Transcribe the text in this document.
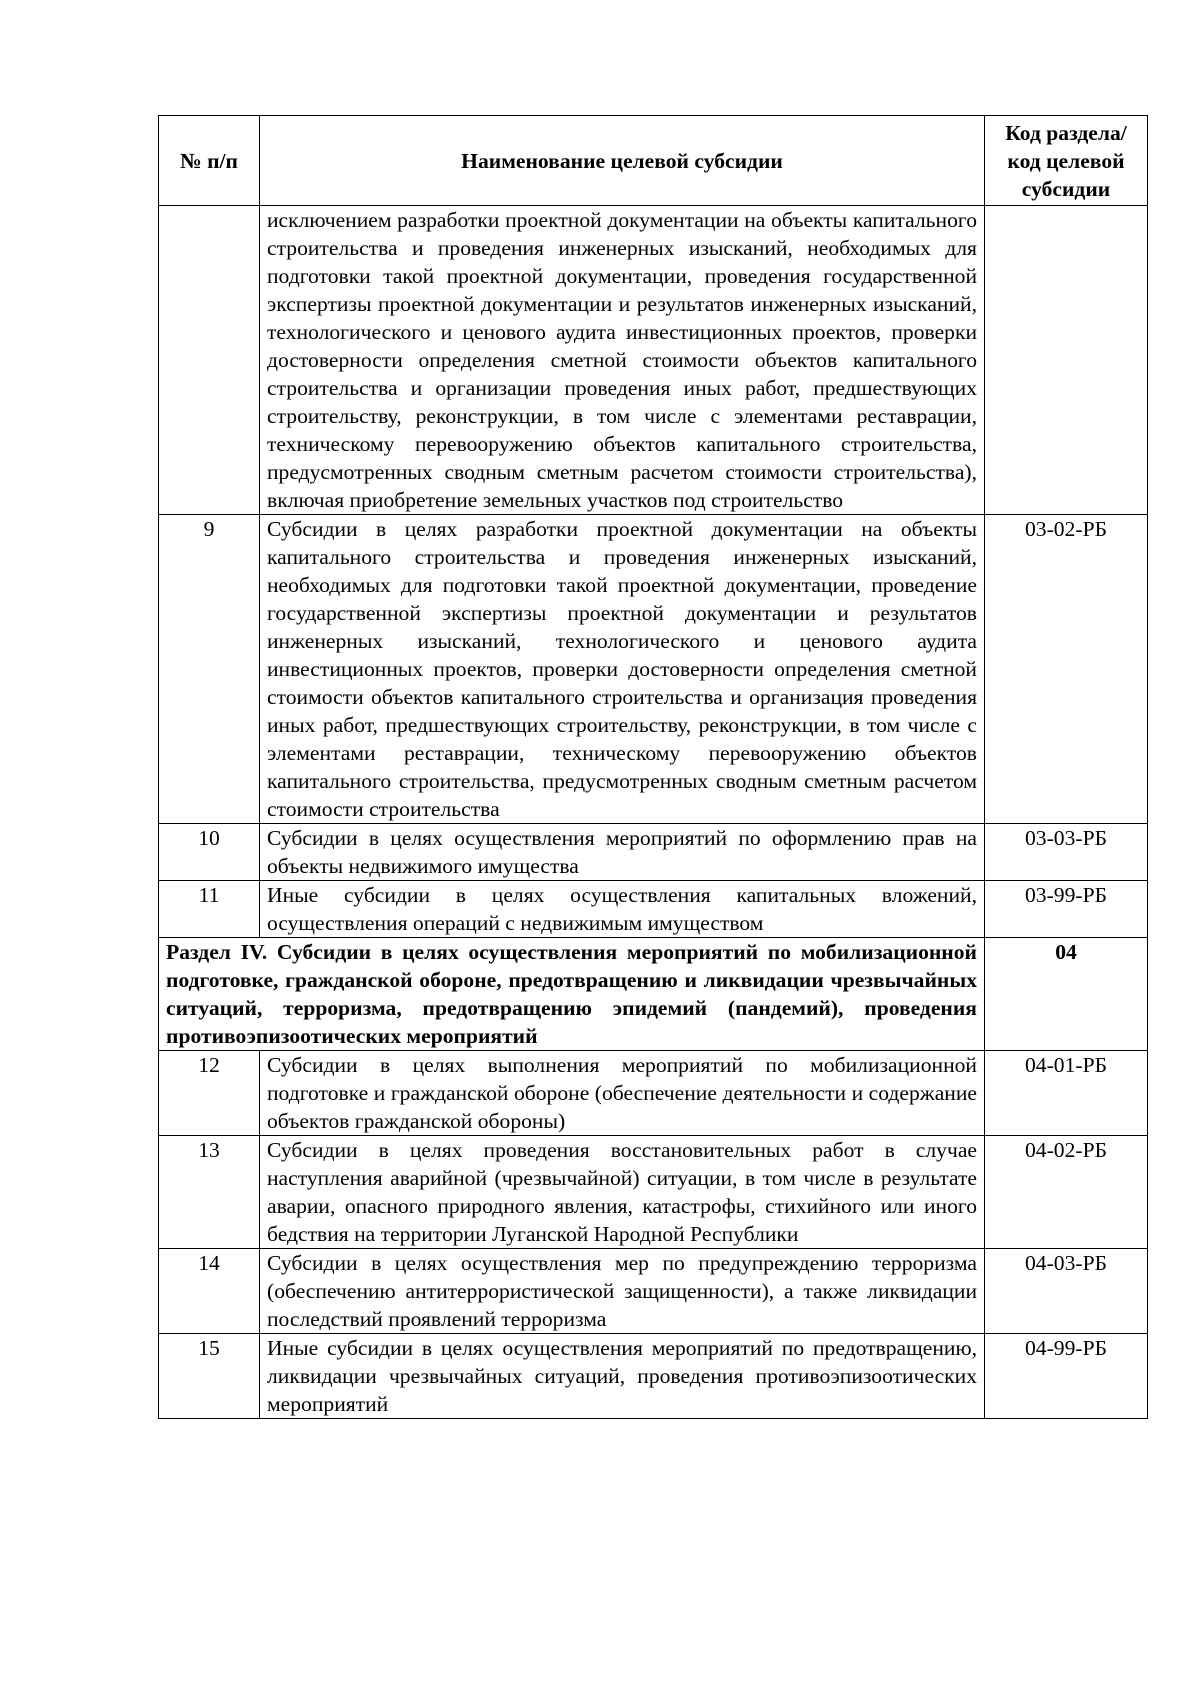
№ п/п	Наименование целевой субсидии	Код раздела/ код целевой субсидии
	исключением разработки проектной документации на объекты капитального строительства и проведения инженерных изысканий, необходимых для подготовки такой проектной документации, проведения государственной экспертизы проектной документации и результатов инженерных изысканий, технологического и ценового аудита инвестиционных проектов, проверки достоверности определения сметной стоимости объектов капитального строительства и организации проведения иных работ, предшествующих строительству, реконструкции, в том числе с элементами реставрации, техническому перевооружению объектов капитального строительства, предусмотренных сводным сметным расчетом стоимости строительства), включая приобретение земельных участков под строительство	
9	Субсидии в целях разработки проектной документации на объекты капитального строительства и проведения инженерных изысканий, необходимых для подготовки такой проектной документации, проведение государственной экспертизы проектной документации и результатов инженерных изысканий, технологического и ценового аудита инвестиционных проектов, проверки достоверности определения сметной стоимости объектов капитального строительства и организация проведения иных работ, предшествующих строительству, реконструкции, в том числе с элементами реставрации, техническому перевооружению объектов капитального строительства, предусмотренных сводным сметным расчетом стоимости строительства	03-02-РБ
10	Субсидии в целях осуществления мероприятий по оформлению прав на объекты недвижимого имущества	03-03-РБ
11	Иные субсидии в целях осуществления капитальных вложений, осуществления операций с недвижимым имуществом	03-99-РБ
Раздел IV. Субсидии в целях осуществления мероприятий по мобилизационной подготовке, гражданской обороне, предотвращению и ликвидации чрезвычайных ситуаций, терроризма, предотвращению эпидемий (пандемий), проведения противоэпизоотических мероприятий		04
12	Субсидии в целях выполнения мероприятий по мобилизационной подготовке и гражданской обороне (обеспечение деятельности и содержание объектов гражданской обороны)	04-01-РБ
13	Субсидии в целях проведения восстановительных работ в случае наступления аварийной (чрезвычайной) ситуации, в том числе в результате аварии, опасного природного явления, катастрофы, стихийного или иного бедствия на территории Луганской Народной Республики	04-02-РБ
14	Субсидии в целях осуществления мер по предупреждению терроризма (обеспечению антитеррористической защищенности), а также ликвидации последствий проявлений терроризма	04-03-РБ
15	Иные субсидии в целях осуществления мероприятий по предотвращению, ликвидации чрезвычайных ситуаций, проведения противоэпизоотических мероприятий	04-99-РБ
